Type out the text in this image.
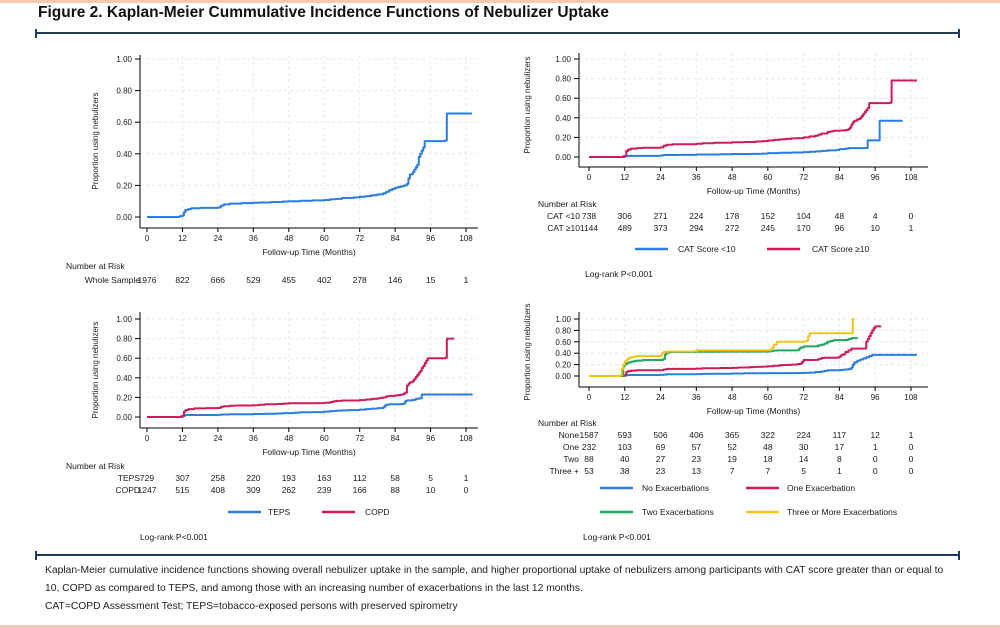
Figure 2. Kaplan-Meier Cummulative Incidence Functions of Nebulizer Uptake
0.00
0.20
0.40
0.60
0.80
1.00
0	12	24	36	48	60	72	84	96	108
Follow-up Time (Months)
Proportion using nebulizers
Number at Risk
Whole Sample
1976 822	666	529	455	402	278	146	15	1
0.00
0.20
0.40
0.60
0.80
1.00
0	12	24	36	48	60	72	84	96	108
Follow-up Time (Months)
Proportion using nebulizers
Number at Risk
CAT <10 738	306	271	224	178	152	104	48	4	0
CAT ≥10 1144 489	373	294	272	245	170	96	10	1
CAT Score <10	CAT Score ≥10
Log-rank P<0.001
0.00
0.20
0.40
0.60
0.80
1.00
0	12	24	36	48	60	72	84	96	108
Follow-up Time (Months)
Proportion using nebulizers
Number at Risk
TEPS 729	307	258	220	193	163	112	58	5	1
COPD
1247 515	408	309	262	239	166	88	10	0
TEPS	COPD
Log-rank P<0.001
0.00
0.20
0.40
0.60
0.80
1.00
0	12	24	36	48	60	72	84	96	108
Follow-up Time (Months)
Proportion using nebulizers
Number at Risk
None 1587 593	506	406	365	322	224	117	12	1
One 232	103	69	57	52	48	30	17	1	0
Two 88	40	27	23	19	18	14	8	0	0
Three + 53	38	23	13	7	7	5	1	0	0
No Exacerbations	One Exacerbation
Two Exacerbations	Three or More Exacerbations
Log-rank P<0.001
Kaplan-Meier cumulative incidence functions showing overall nebulizer uptake in the sample, and higher proportional uptake of nebulizers among participants with CAT score greater than or equal to 10, COPD as compared to TEPS, and among those with an increasing number of exacerbations in the last 12 months.
CAT=COPD Assessment Test; TEPS=tobacco-exposed persons with preserved spirometry
